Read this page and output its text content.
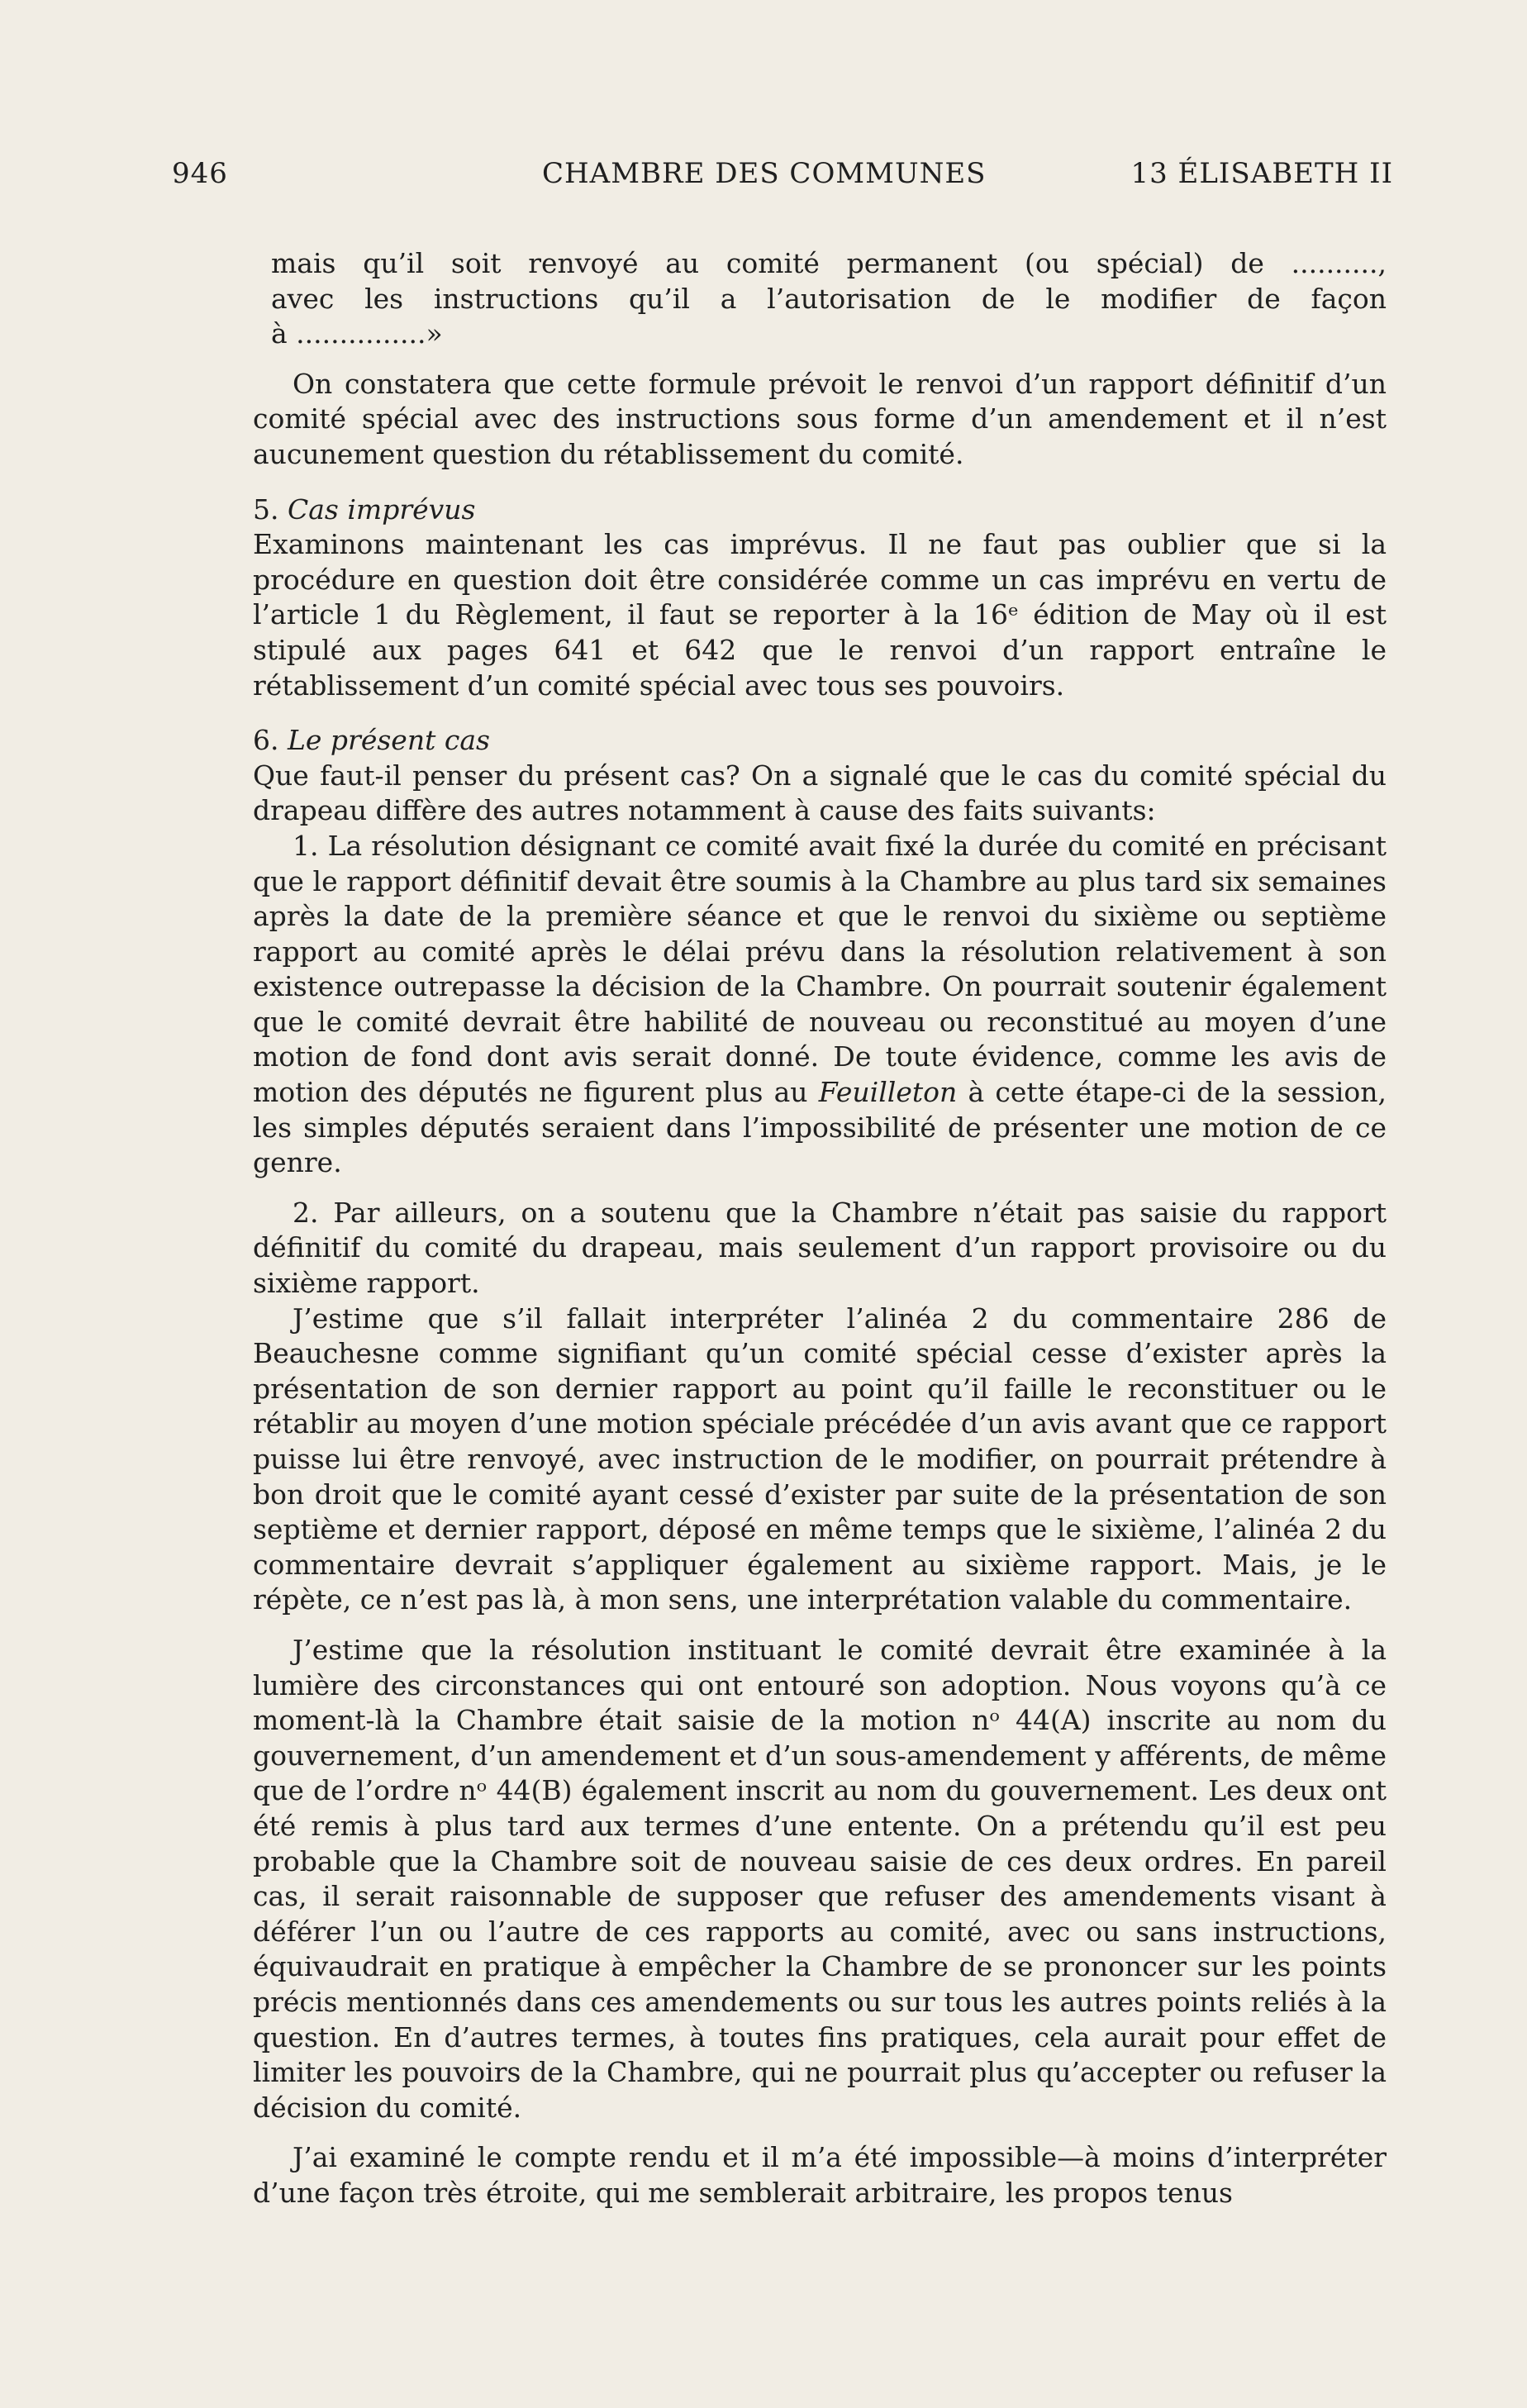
946	CHAMBRE DES COMMUNES	13 ÉLISABETH II

mais qu’il soit renvoyé au comité permanent (ou spécial) de ..........,

avec les instructions qu’il a l’autorisation de le modifier de façon

à ...............»

On constatera que cette formule prévoit le renvoi d’un rapport définitif d’un comité spécial avec des instructions sous forme d’un amendement et il n’est aucunement question du rétablissement du comité.

5. Cas imprévus

Examinons maintenant les cas imprévus. Il ne faut pas oublier que si la procédure en question doit être considérée comme un cas imprévu en vertu de l’article 1 du Règlement, il faut se reporter à la 16ᵉ édition de May où il est stipulé aux pages 641 et 642 que le renvoi d’un rapport entraîne le rétablissement d’un comité spécial avec tous ses pouvoirs.

6. Le présent cas

Que faut-il penser du présent cas? On a signalé que le cas du comité spécial du drapeau diffère des autres notamment à cause des faits suivants:

1. La résolution désignant ce comité avait fixé la durée du comité en précisant que le rapport définitif devait être soumis à la Chambre au plus tard six semaines après la date de la première séance et que le renvoi du sixième ou septième rapport au comité après le délai prévu dans la résolution relativement à son existence outrepasse la décision de la Chambre. On pourrait soutenir également que le comité devrait être habilité de nouveau ou reconstitué au moyen d’une motion de fond dont avis serait donné. De toute évidence, comme les avis de motion des députés ne figurent plus au Feuilleton à cette étape-ci de la session, les simples députés seraient dans l’impossibilité de présenter une motion de ce genre.

2. Par ailleurs, on a soutenu que la Chambre n’était pas saisie du rapport définitif du comité du drapeau, mais seulement d’un rapport provisoire ou du sixième rapport.

J’estime que s’il fallait interpréter l’alinéa 2 du commentaire 286 de Beauchesne comme signifiant qu’un comité spécial cesse d’exister après la présentation de son dernier rapport au point qu’il faille le reconstituer ou le rétablir au moyen d’une motion spéciale précédée d’un avis avant que ce rapport puisse lui être renvoyé, avec instruction de le modifier, on pourrait prétendre à bon droit que le comité ayant cessé d’exister par suite de la présentation de son septième et dernier rapport, déposé en même temps que le sixième, l’alinéa 2 du commentaire devrait s’appliquer également au sixième rapport. Mais, je le répète, ce n’est pas là, à mon sens, une interprétation valable du commentaire.

J’estime que la résolution instituant le comité devrait être examinée à la lumière des circonstances qui ont entouré son adoption. Nous voyons qu’à ce moment-là la Chambre était saisie de la motion nᵒ 44(A) inscrite au nom du gouvernement, d’un amendement et d’un sous-amendement y afférents, de même que de l’ordre nᵒ 44(B) également inscrit au nom du gouvernement. Les deux ont été remis à plus tard aux termes d’une entente. On a prétendu qu’il est peu probable que la Chambre soit de nouveau saisie de ces deux ordres. En pareil cas, il serait raisonnable de supposer que refuser des amendements visant à déférer l’un ou l’autre de ces rapports au comité, avec ou sans instructions, équivaudrait en pratique à empêcher la Chambre de se prononcer sur les points précis mentionnés dans ces amendements ou sur tous les autres points reliés à la question. En d’autres termes, à toutes fins pratiques, cela aurait pour effet de limiter les pouvoirs de la Chambre, qui ne pourrait plus qu’accepter ou refuser la décision du comité.

J’ai examiné le compte rendu et il m’a été impossible—à moins d’interpréter d’une façon très étroite, qui me semblerait arbitraire, les propos tenus
